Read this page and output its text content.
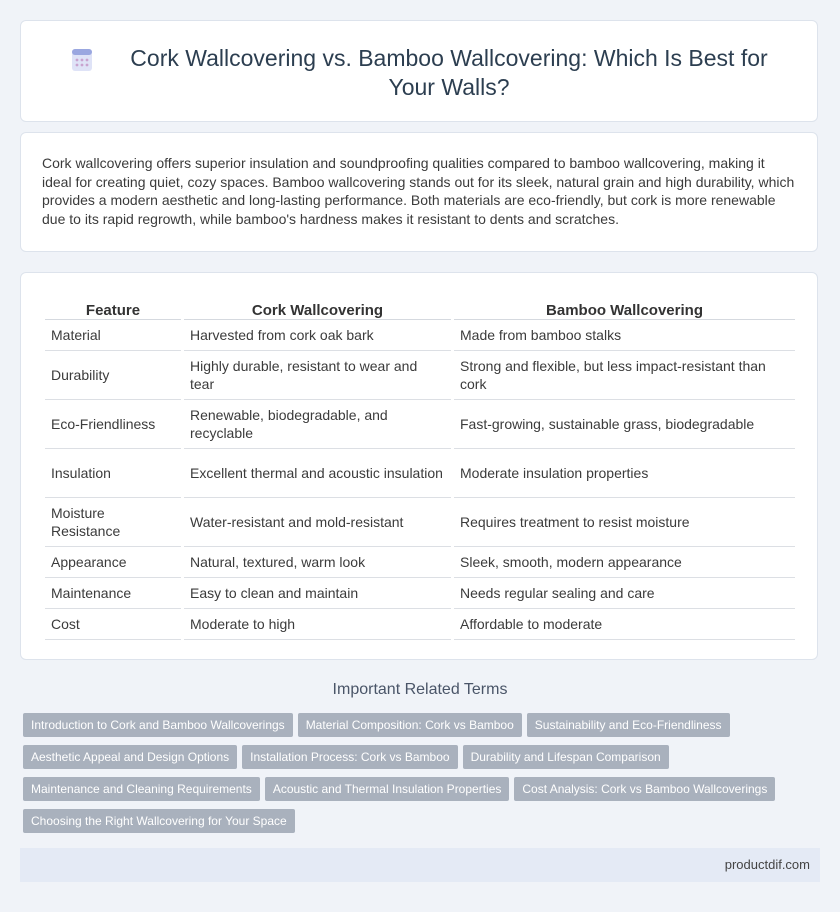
Cork Wallcovering vs. Bamboo Wallcovering: Which Is Best for Your Walls?
Cork wallcovering offers superior insulation and soundproofing qualities compared to bamboo wallcovering, making it ideal for creating quiet, cozy spaces. Bamboo wallcovering stands out for its sleek, natural grain and high durability, which provides a modern aesthetic and long-lasting performance. Both materials are eco-friendly, but cork is more renewable due to its rapid regrowth, while bamboo's hardness makes it resistant to dents and scratches.
Feature	Cork Wallcovering	Bamboo Wallcovering
Material	Harvested from cork oak bark	Made from bamboo stalks
Durability	Highly durable, resistant to wear and tear	Strong and flexible, but less impact-resistant than cork
Eco-Friendliness	Renewable, biodegradable, and recyclable	Fast-growing, sustainable grass, biodegradable
Insulation	Excellent thermal and acoustic insulation	Moderate insulation properties
Moisture Resistance	Water-resistant and mold-resistant	Requires treatment to resist moisture
Appearance	Natural, textured, warm look	Sleek, smooth, modern appearance
Maintenance	Easy to clean and maintain	Needs regular sealing and care
Cost	Moderate to high	Affordable to moderate
Important Related Terms
Introduction to Cork and Bamboo Wallcoverings Material Composition: Cork vs Bamboo Sustainability and Eco-Friendliness
Aesthetic Appeal and Design Options Installation Process: Cork vs Bamboo Durability and Lifespan Comparison
Maintenance and Cleaning Requirements Acoustic and Thermal Insulation Properties Cost Analysis: Cork vs Bamboo Wallcoverings
Choosing the Right Wallcovering for Your Space
productdif.com
